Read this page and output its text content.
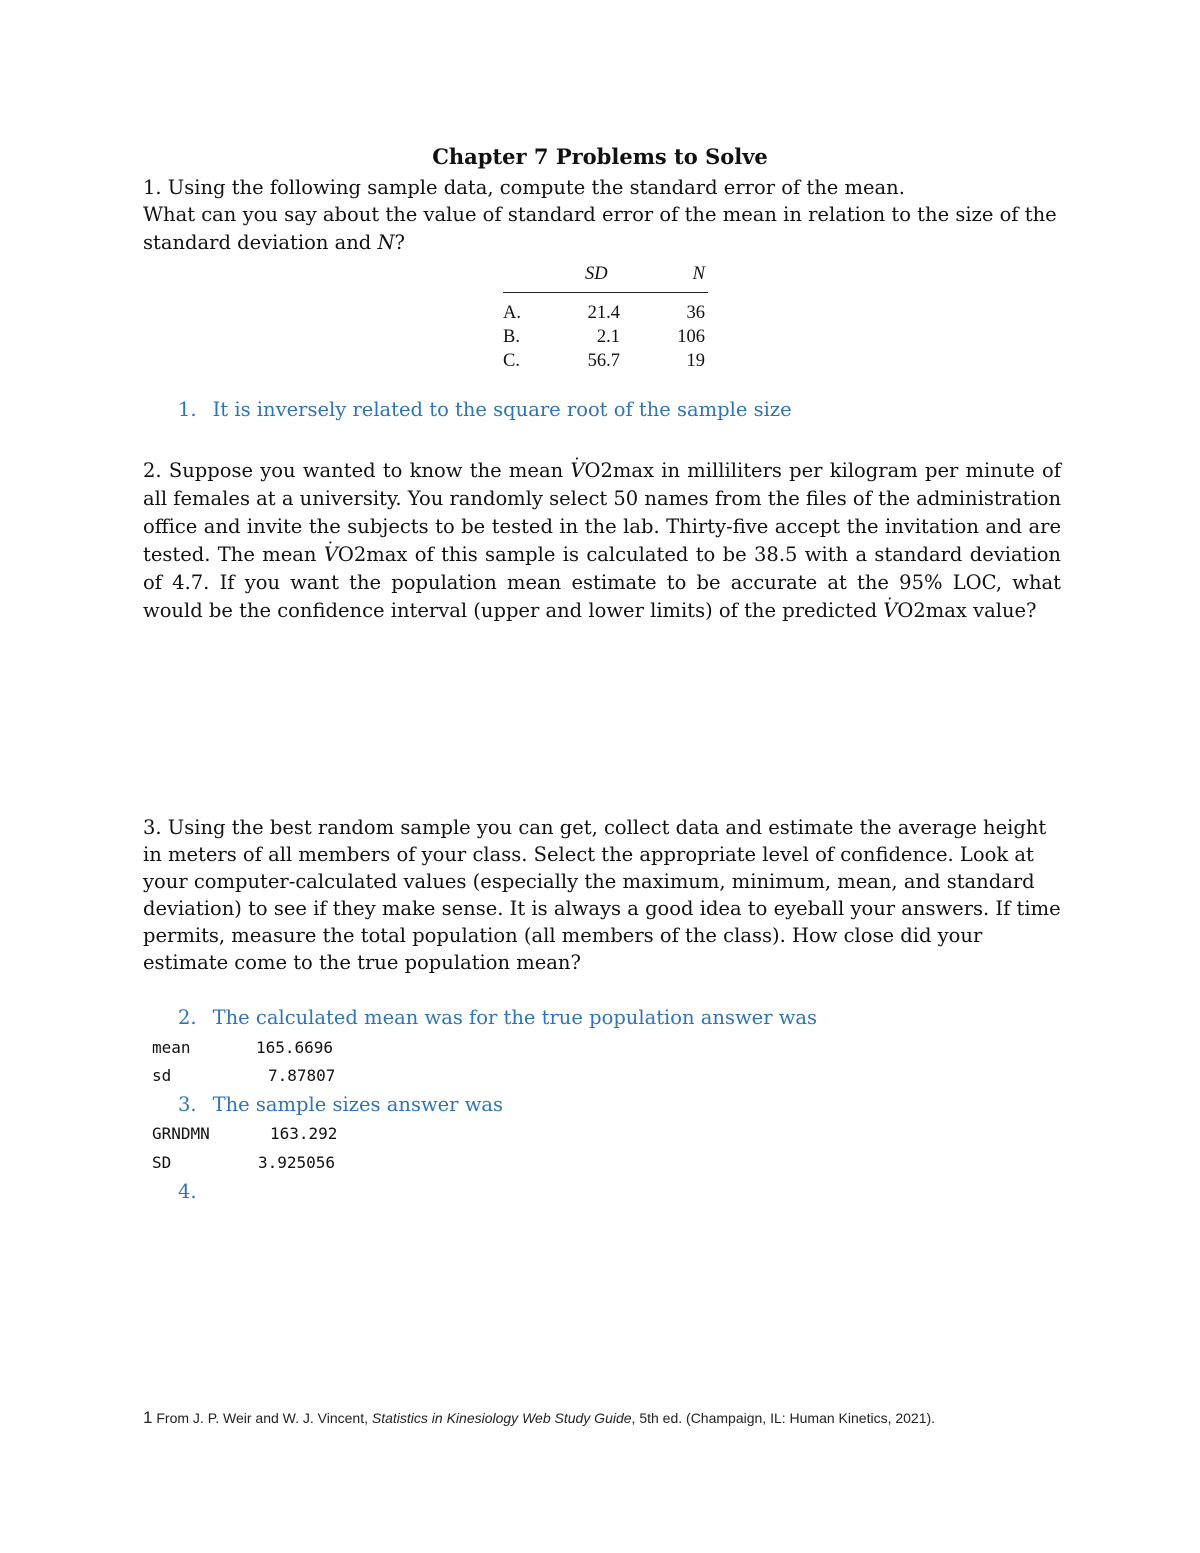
Chapter 7 Problems to Solve
1. Using the following sample data, compute the standard error of the mean.
What can you say about the value of standard error of the mean in relation to the size of the
standard deviation and N?
SD	N
A.	21.4	36
B.	2.1	106
C.	56.7	19
1. It is inversely related to the square root of the sample size

2. Suppose you wanted to know the mean V ·O2max in milliliters per kilogram per minute of all females at a university. You randomly select 50 names from the files of the administration office and invite the subjects to be tested in the lab. Thirty-five accept the invitation and are tested. The mean V ·O2max of this sample is calculated to be 38.5 with a standard deviation of 4.7. If you want the population mean estimate to be accurate at the 95% LOC, what would be the confidence interval (upper and lower limits) of the predicted V ·O2max value?

3. Using the best random sample you can get, collect data and estimate the average height in meters of all members of your class. Select the appropriate level of confidence. Look at your computer-calculated values (especially the maximum, minimum, mean, and standard deviation) to see if they make sense. It is always a good idea to eyeball your answers. If time permits, measure the total population (all members of the class). How close did your estimate come to the true population mean?
2. The calculated mean was for the true population answer was
mean	165.6696
sd	7.87807
3. The sample sizes answer was
GRNDMN	163.292
SD	3.925056
4.
1 From J. P. Weir and W. J. Vincent, Statistics in Kinesiology Web Study Guide, 5th ed. (Champaign, IL: Human Kinetics, 2021).
